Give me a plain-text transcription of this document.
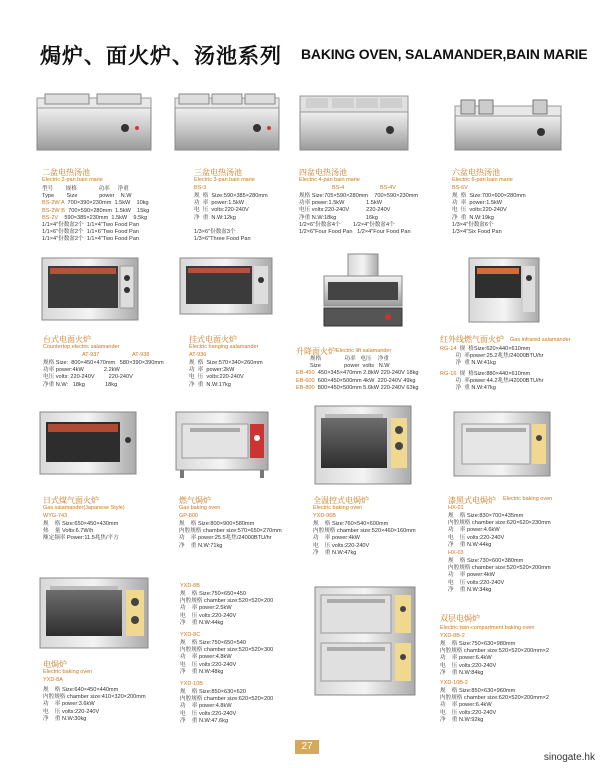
焗炉、面火炉、汤池系列 BAKING OVEN, SALAMANDER,BAIN MARIE
二盆电热汤池
Electric 2-pan bain marie
型号        规格              功率     净重
Type        Size              power    N.W
BS-2W A  700×390×230mm  1.5kW    10kg
BS-2W B  700×590×280mm  1.5kW    15kg
BS-2V    590×385×230mm  1.5kW    9.5kg
1/1×4"份数盆2个  1/1×4"Two Food Pan
1/1×6"份数盆2个  1/1×6"Two Food Pan
1/1×4"份数盆2个  1/1×4"Two Food Pan
三盆电热汤池
Electric 3-pan bain marie
BS-3
规  格  Size:590×385×280mm
功  率  power:1.5kW
电  压  volts:220-240V
净  重  N.W:12kg

1/3×6"份数盆3个
1/3×6"Three Food Pan
四盆电热汤池
Electric 4-pan bain marie
BS-4	BS-4V
规格 Size:705×590×280mm    700×590×230mm
功率 power:1.5kW              1.5kW
电压 volts:220-240V           220-240V
净重 N.W:18kg                   16kg
1/2×6"份数盆4个        1/2×4"份数盆4个
1/2×6"Four Food Pan   1/2×4"Four Food Pan
六盆电热汤池
Electric 6-pan bain marie
BS-6V
规  格  Size:700×600×280mm
功  率  power:1.5kW
电  压  volts:220-240V
净  重  N.W:19kg
1/3×4"份数盆6个
1/3×4"Six Food Pan
台式电面火炉
Countertop electric salamander
AT-937	AT-938
规格 Size:  800×450×470mm   580×390×390mm
功率 power:4kW             2.2kW
电压 volts: 220-240V         220-240V
净重 N.W:   18kg             18kg
挂式电面火炉
Electric hanging salamander
AT-936
规  格  Size:570×340×260mm
功  率  power:2kW
电  压  volts:220-240V
净  重  N.W:17kg
升降面火炉 Electric lift salamander
规格               功率   电压    净重
Size               power  volts   N.W
EB-450  450×345×470mm 2.8kW 220-240V 18kg
EB-600  600×450×500mm 4kW  220-240V 49kg
EB-800  800×450×500mm 5.6kW 220-240V 63kg
红外线燃气面火炉 Gas infrared salamander
RG-14  规  格Size:620×440×610mm
功  率power:25.2兆焦/24000BTU/hr
净  重 N.W:41kg
RG-16  规  格Size:880×440×610mm
功  率power:44.2兆焦/42000BTU/hr
净  重 N.W:47kg
日式煤气面火炉
Gas salamander(Japanese Style)
WYG-743
规    格 Size:650×450×430mm
热    量 Volts:6.7W/h
额定频率 Power:11.5兆焦/平方
燃气焗炉
Gas baking oven
GP-800
规    格 Size:800×900×580mm
内腔规格 chamber size:570×650×270mm
功    率 power:25.5兆焦/24000BTU/hr
净    重 N.W:71kg
全温控式电焗炉
Electric baking oven
YXD-96B
规    格 Size:760×540×600mm
内腔规格 chamber size:520×460×160mm
功    率 power:4kW
电    压 volts:220-240V
净    重 N.W:47kg
漆黑式电焗炉 Electric baking oven
HX-01
规    格 Size:830×700×435mm
内腔规格 chamber size:620×620×230mm
功    率 power:4.6kW
电    压 volts:220-240V
净    重 N.W:44kg
HX-03
规    格 Size:730×600×380mm
内腔规格 chamber size:520×520×200mm
功    率 power:4kW
电    压 volts:220-240V
净    重 N.W:34kg
电焗炉
Electric baking oven
YXD-8A
规    格 Size:640×450×440mm
内腔规格 chamber size:410×320×200mm
功    率 power:3.6kW
电    压 volts:220-240V
净    重 N.W:30kg
YXD-8B
规    格 Size:750×650×450
内腔规格 chamber size:520×520×200
功    率 power:2.5kW
电    压 volts:220-240V
净    重 N.W:44kg
YXD-8C
规    格 Size:750×650×540
内腔规格 chamber size:520×520×300
功    率 power:4.8kW
电    压 volts:220-240V
净    重 N.W:48kg
YXD-10B
规    格 Size:850×630×620
内腔规格 chamber size:620×520×200
功    率 power:4.8kW
电    压 volts:220-240V
净    重 N.W:47.6kg
双层电焗炉
Electric twin-compartment baking oven
YXD-8B-2
规    格 Size:750×630×980mm
内腔规格 chamber size:520×520×200mm×2
功    率 power:6.4kW
电    压 volts:220-240V
净    重 N.W:84kg
YXD-10B-2
规    格 Size:850×630×960mm
内腔规格 chamber size:620×520×200mm×2
功    率 power:6.4kW
电    压 volts:220-240V
净    重 N.W:92kg
27
sinogate.hk
